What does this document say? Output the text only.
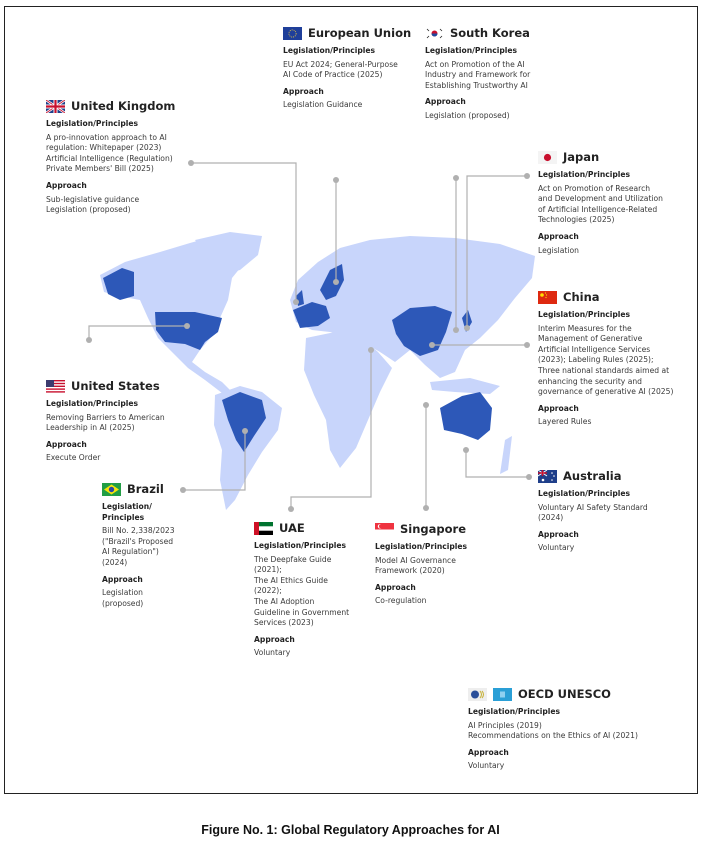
European Union
Legislation/Principles
EU Act 2024; General-Purpose
AI Code of Practice (2025)
Approach
Legislation Guidance
South Korea
Legislation/Principles
Act on Promotion of the AI
Industry and Framework for
Establishing Trustworthy AI
Approach
Legislation (proposed)
United Kingdom
Legislation/Principles
A pro-innovation approach to AI
regulation: Whitepaper (2023)
Artificial Intelligence (Regulation)
Private Members' Bill (2025)
Approach
Sub-legislative guidance
Legislation (proposed)
Japan
Legislation/Principles
Act on Promotion of Research
and Development and Utilization
of Artificial Intelligence-Related
Technologies (2025)
Approach
Legislation
China
Legislation/Principles
Interim Measures for the
Management of Generative
Artificial Intelligence Services
(2023); Labeling Rules (2025);
Three national standards aimed at
enhancing the security and
governance of generative AI (2025)
Approach
Layered Rules
United States
Legislation/Principles
Removing Barriers to American
Leadership in AI (2025)
Approach
Execute Order
Brazil
Legislation/
Principles
Bill No. 2,338/2023
("Brazil's Proposed
AI Regulation")
(2024)
Approach
Legislation
(proposed)
UAE
Legislation/Principles
The Deepfake Guide
(2021);
The AI Ethics Guide
(2022);
The AI Adoption
Guideline in Government
Services (2023)
Approach
Voluntary
Singapore
Legislation/Principles
Model AI Governance
Framework (2020)
Approach
Co-regulation
Australia
Legislation/Principles
Voluntary AI Safety Standard
(2024)
Approach
Voluntary
OECD UNESCO
Legislation/Principles
AI Principles (2019)
Recommendations on the Ethics of AI (2021)
Approach
Voluntary
Figure No. 1: Global Regulatory Approaches for AI
